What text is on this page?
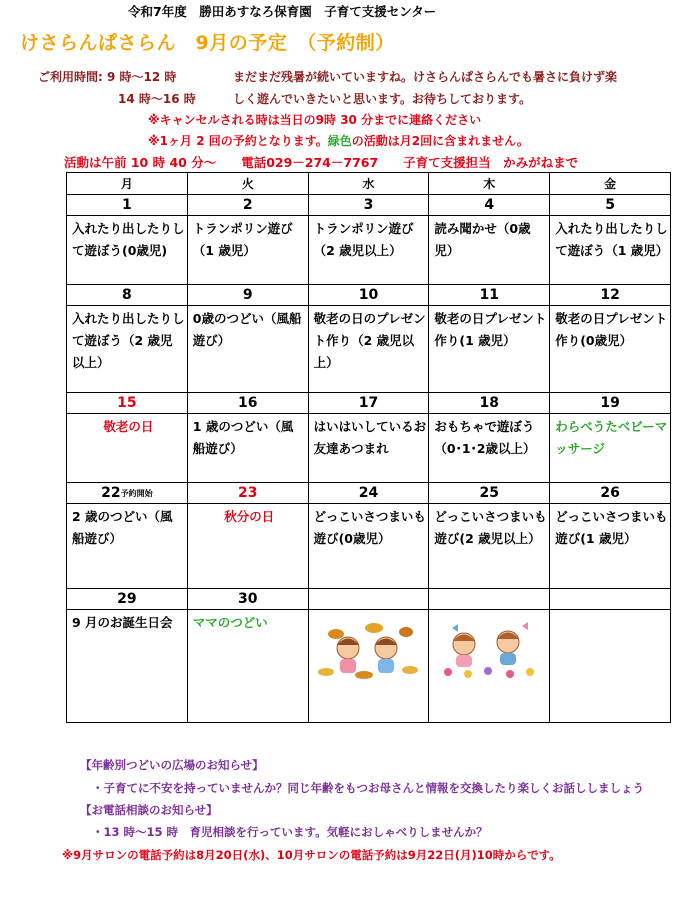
令和7年度　勝田あすなろ保育園　子育て支援センター
けさらんぱさらん　9月の予定　（予約制）
ご利用時間: 9 時～12 時	まだまだ残暑が続いていますね。けさらんぱさらんでも暑さに負けず楽
14 時～16 時	しく遊んでいきたいと思います。お待ちしております。
※キャンセルされる時は当日の9時 30 分までに連絡ください
※1ヶ月 2 回の予約となります。緑色の活動は月2回に含まれません。
活動は午前 10 時 40 分～　　電話029－274－7767　　子育て支援担当　かみがねまで
月	火	水	木	金
1	2	3	4	5
入れたり出したりして遊ぼう(0歳児)	トランポリン遊び（1 歳児）	トランポリン遊び（2 歳児以上）	読み聞かせ（0歳児）	入れたり出したりして遊ぼう（1 歳児）
8	9	10	11	12
入れたり出したりして遊ぼう（2 歳児以上）	0歳のつどい（風船遊び）	敬老の日のプレゼント作り（2 歳児以上）	敬老の日プレゼント作り(1 歳児）	敬老の日プレゼント作り(0歳児）
15	16	17	18	19
敬老の日	1 歳のつどい（風船遊び）	はいはいしているお友達あつまれ	おもちゃで遊ぼう（0･1･2歳以上）	わらべうたベビーマッサージ
22予約開始	23	24	25	26
2 歳のつどい（風船遊び）	秋分の日	どっこいさつまいも遊び(0歳児）	どっこいさつまいも遊び(2 歳児以上）	どっこいさつまいも遊び(1 歳児）
29	30			
9 月のお誕生日会	ママのつどい			
【年齢別つどいの広場のお知らせ】
・子育てに不安を持っていませんか？同じ年齢をもつお母さんと情報を交換したり楽しくお話ししましょう
【お電話相談のお知らせ】
・13 時～15 時　育児相談を行っています。気軽におしゃべりしませんか？
※9月サロンの電話予約は8月20日(水)、10月サロンの電話予約は9月22日(月)10時からです。
